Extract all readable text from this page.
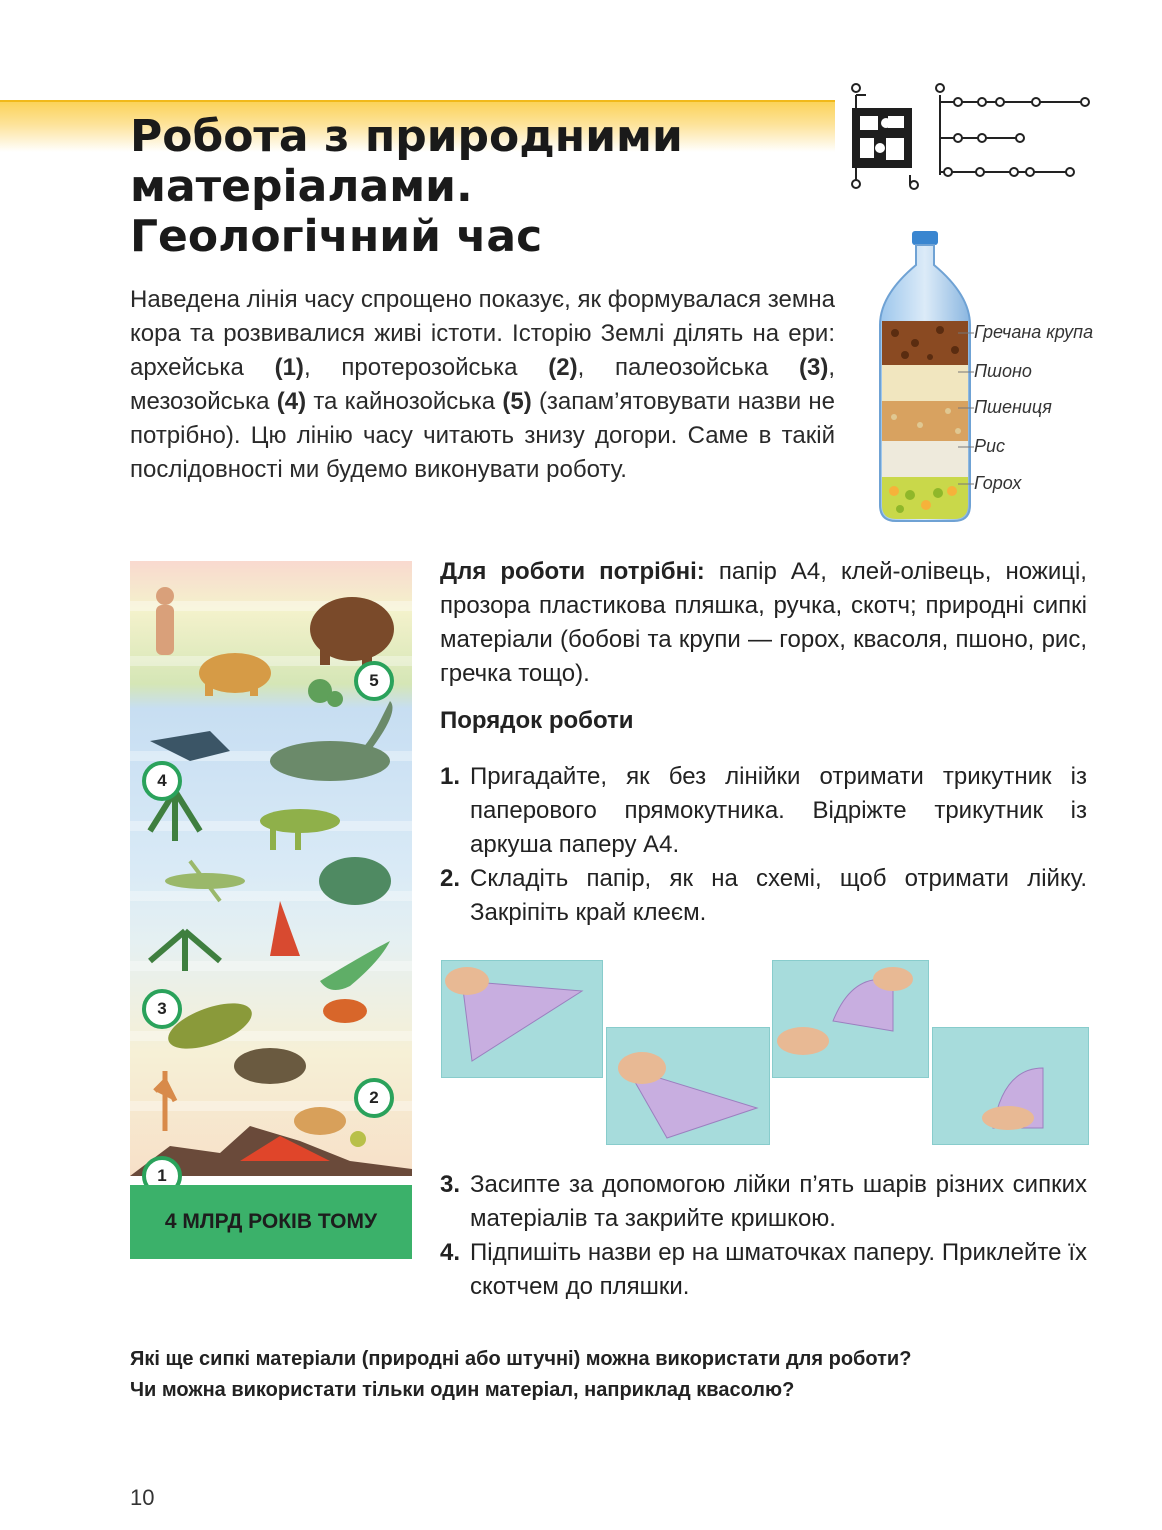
Робота з природними
матеріалами.
Геологічний час

Наведена лінія часу спрощено показує, як формувалася земна кора та розвивалися живі істоти. Історію Землі ділять на ери: архейська (1), протерозойська (2), палеозойська (3), мезозойська (4) та кайнозойська (5) (запам’ятовувати назви не потрібно). Цю лінію часу читають знизу догори. Саме в такій послідовності ми будемо виконувати роботу.

Гречана крупа
Пшоно
Пшениця
Рис
Горох
5
4
3
2
1
4 МЛРД РОКІВ ТОМУ

Для роботи потрібні: папір А4, клей-олівець, ножиці, прозора пластикова пляшка, ручка, скотч; природні сипкі матеріали (бобові та крупи — горох, квасоля, пшоно, рис, гречка тощо).

Порядок роботи
1. Пригадайте, як без лінійки отримати трикутник із паперового прямокутника. Відріжте трикутник із аркуша паперу А4.
2. Складіть папір, як на схемі, щоб отримати лійку. Закріпіть край клеєм.
3. Засипте за допомогою лійки п’ять шарів різних сипких матеріалів та закрийте кришкою.
4. Підпишіть назви ер на шматочках паперу. Приклейте їх скотчем до пляшки.

Які ще сипкі матеріали (природні або штучні) можна використати для роботи?
Чи можна використати тільки один матеріал, наприклад квасолю?

10
